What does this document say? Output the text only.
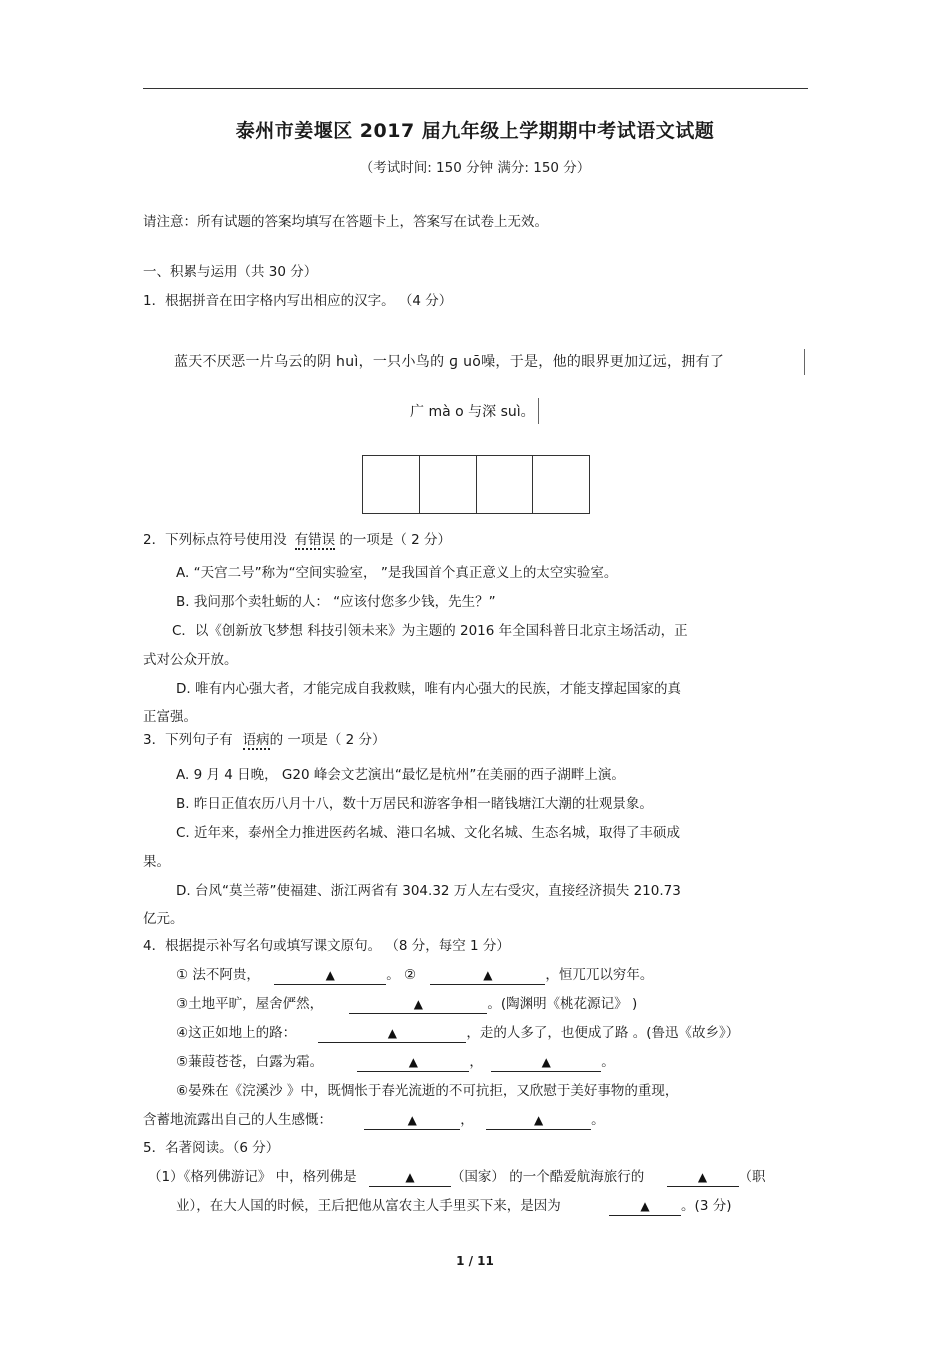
泰州市姜堰区 2017 届九年级上学期期中考试语文试题
（考试时间: 150 分钟 满分: 150 分）
请注意：所有试题的答案均填写在答题卡上，答案写在试卷上无效。
一、积累与运用（共 30 分）
1．根据拼音在田字格内写出相应的汉字。 （4 分）
蓝天不厌恶一片乌云的阴 huì，一只小鸟的 ɡ uō噪，于是，他的眼界更加辽远，拥有了
广 mà o 与深 suì。
2．下列标点符号使用没 有错误 的一项是（ 2 分）
A. “天宫二号”称为“空间实验室， ”是我国首个真正意义上的太空实验室。
B. 我问那个卖牡蛎的人： “应该付您多少钱，先生？”
C．以《创新放飞梦想 科技引领未来》为主题的 2016 年全国科普日北京主场活动，正
式对公众开放。
D. 唯有内心强大者，才能完成自我救赎，唯有内心强大的民族，才能支撑起国家的真
正富强。
3．下列句子有 语病的 一项是（ 2 分）
A. 9 月 4 日晚， G20 峰会文艺演出“最忆是杭州”在美丽的西子湖畔上演。
B. 昨日正值农历八月十八，数十万居民和游客争相一睹钱塘江大潮的壮观景象。
C. 近年来，泰州全力推进医药名城、港口名城、文化名城、生态名城，取得了丰硕成
果。
D. 台风“莫兰蒂”使福建、浙江两省有 304.32 万人左右受灾，直接经济损失 210.73
亿元。
4．根据提示补写名句或填写课文原句。 （8 分，每空 1 分）
① 法不阿贵，	▲	。 ②	▲	，恒兀兀以穷年。
③土地平旷，屋舍俨然，	▲	。(陶渊明《桃花源记》 )
④这正如地上的路：	▲	，走的人多了，也便成了路 。(鲁迅《故乡》）
⑤蒹葭苍苍，白露为霜。	▲	，	▲	。
⑥晏殊在《浣溪沙 》中，既惆怅于春光流逝的不可抗拒，又欣慰于美好事物的重现，
含蓄地流露出自己的人生感慨：	▲	，	▲	。
5．名著阅读。（6 分）
（1）《格列佛游记》 中，格列佛是	▲	（国家） 的一个酷爱航海旅行的	▲ （职
业），在大人国的时候，王后把他从富农主人手里买下来，是因为	▲ 。(3 分)
1 / 11
